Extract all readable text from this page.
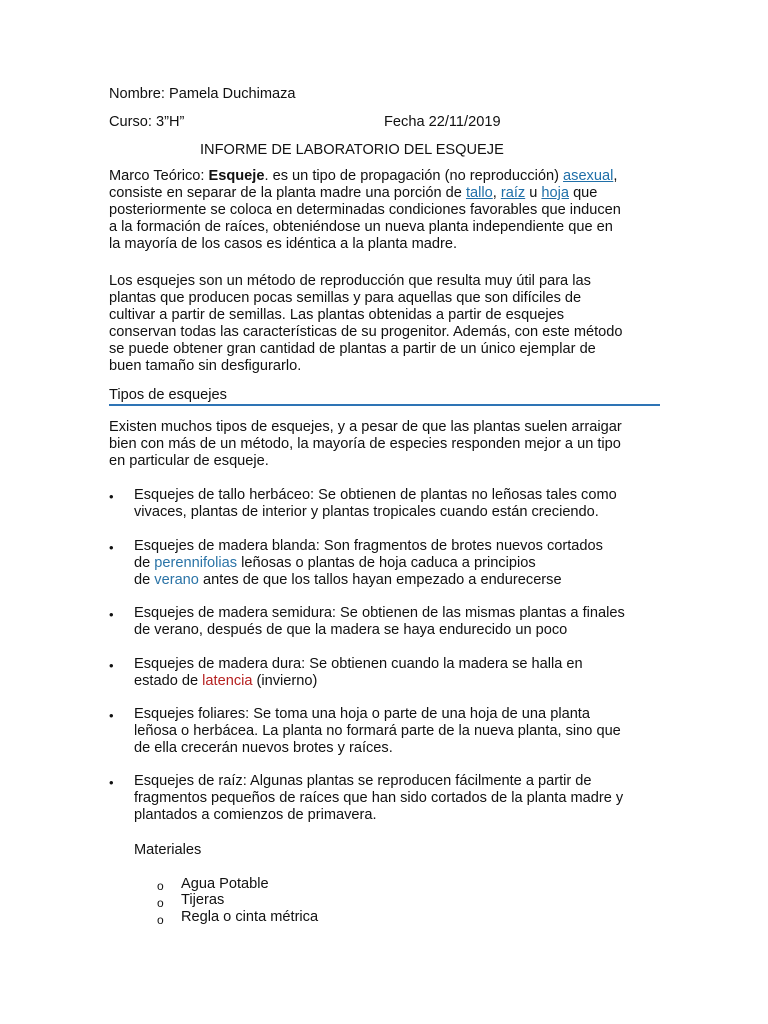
Nombre: Pamela Duchimaza
Curso: 3”H”	Fecha 22/11/2019
INFORME DE LABORATORIO DEL ESQUEJE
Marco Teórico: Esqueje. es un tipo de propagación (no reproducción) asexual,
consiste en separar de la planta madre una porción de tallo, raíz u hoja que
posteriormente se coloca en determinadas condiciones favorables que inducen
a la formación de raíces, obteniéndose un nueva planta independiente que en
la mayoría de los casos es idéntica a la planta madre.
Los esquejes son un método de reproducción que resulta muy útil para las
plantas que producen pocas semillas y para aquellas que son difíciles de
cultivar a partir de semillas. Las plantas obtenidas a partir de esquejes
conservan todas las características de su progenitor. Además, con este método
se puede obtener gran cantidad de plantas a partir de un único ejemplar de
buen tamaño sin desfigurarlo.
Tipos de esquejes
Existen muchos tipos de esquejes, y a pesar de que las plantas suelen arraigar
bien con más de un método, la mayoría de especies responden mejor a un tipo
en particular de esqueje.
•	Esquejes de tallo herbáceo: Se obtienen de plantas no leñosas tales como
vivaces, plantas de interior y plantas tropicales cuando están creciendo.
•	Esquejes de madera blanda: Son fragmentos de brotes nuevos cortados
de perennifolias leñosas o plantas de hoja caduca a principios
de verano antes de que los tallos hayan empezado a endurecerse
•	Esquejes de madera semidura: Se obtienen de las mismas plantas a finales
de verano, después de que la madera se haya endurecido un poco
•	Esquejes de madera dura: Se obtienen cuando la madera se halla en
estado de latencia (invierno)
•	Esquejes foliares: Se toma una hoja o parte de una hoja de una planta
leñosa o herbácea. La planta no formará parte de la nueva planta, sino que
de ella crecerán nuevos brotes y raíces.
•	Esquejes de raíz: Algunas plantas se reproducen fácilmente a partir de
fragmentos pequeños de raíces que han sido cortados de la planta madre y
plantados a comienzos de primavera.
Materiales
o Agua Potable
o Tijeras
o Regla o cinta métrica
